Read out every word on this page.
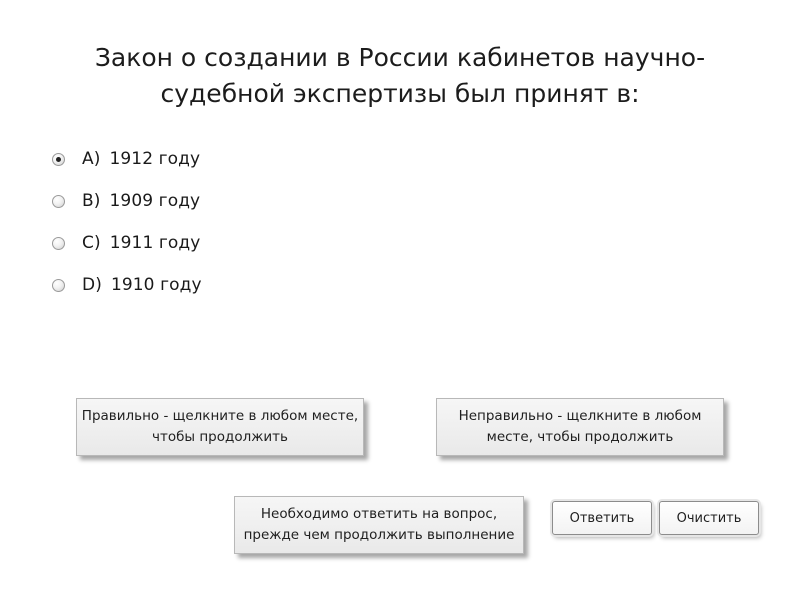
Закон о создании в России кабинетов научно-
судебной экспертизы был принят в:
A) 1912 году
B) 1909 году
C) 1911 году
D) 1910 году
Правильно - щелкните в любом месте,
чтобы продолжить
Неправильно - щелкните в любом
месте, чтобы продолжить
Необходимо ответить на вопрос,
прежде чем продолжить выполнение
Ответить	Очистить
